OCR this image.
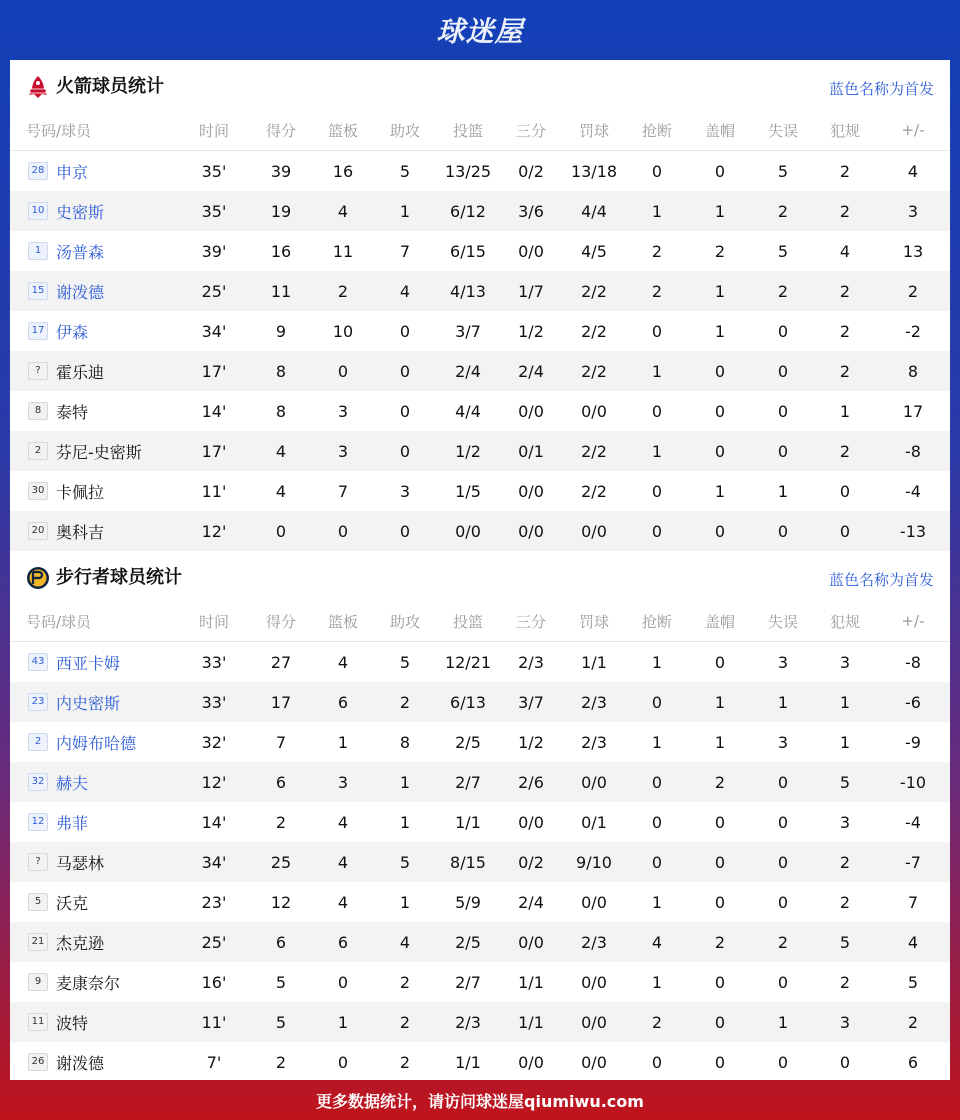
球迷屋
火箭球员统计	蓝色名称为首发
号码/球员	时间	得分	篮板	助攻	投篮	三分	罚球	抢断	盖帽	失误	犯规	+/-
28 申京	35'	39	16	5	13/25	0/2	13/18	0	0	5	2	4
10 史密斯	35'	19	4	1	6/12	3/6	4/4	1	1	2	2	3
1 汤普森	39'	16	11	7	6/15	0/0	4/5	2	2	5	4	13
15 谢泼德	25'	11	2	4	4/13	1/7	2/2	2	1	2	2	2
17 伊森	34'	9	10	0	3/7	1/2	2/2	0	1	0	2	-2
? 霍乐迪	17'	8	0	0	2/4	2/4	2/2	1	0	0	2	8
8 泰特	14'	8	3	0	4/4	0/0	0/0	0	0	0	1	17
2 芬尼-史密斯	17'	4	3	0	1/2	0/1	2/2	1	0	0	2	-8
30 卡佩拉	11'	4	7	3	1/5	0/0	2/2	0	1	1	0	-4
20 奥科吉	12'	0	0	0	0/0	0/0	0/0	0	0	0	0	-13
步行者球员统计	蓝色名称为首发
号码/球员	时间	得分	篮板	助攻	投篮	三分	罚球	抢断	盖帽	失误	犯规	+/-
43 西亚卡姆	33'	27	4	5	12/21	2/3	1/1	1	0	3	3	-8
23 内史密斯	33'	17	6	2	6/13	3/7	2/3	0	1	1	1	-6
2 内姆布哈德	32'	7	1	8	2/5	1/2	2/3	1	1	3	1	-9
32 赫夫	12'	6	3	1	2/7	2/6	0/0	0	2	0	5	-10
12 弗菲	14'	2	4	1	1/1	0/0	0/1	0	0	0	3	-4
? 马瑟林	34'	25	4	5	8/15	0/2	9/10	0	0	0	2	-7
5 沃克	23'	12	4	1	5/9	2/4	0/0	1	0	0	2	7
21 杰克逊	25'	6	6	4	2/5	0/0	2/3	4	2	2	5	4
9 麦康奈尔	16'	5	0	2	2/7	1/1	0/0	1	0	0	2	5
11 波特	11'	5	1	2	2/3	1/1	0/0	2	0	1	3	2
26 谢泼德	7'	2	0	2	1/1	0/0	0/0	0	0	0	0	6
更多数据统计，请访问球迷屋qiumiwu.com
